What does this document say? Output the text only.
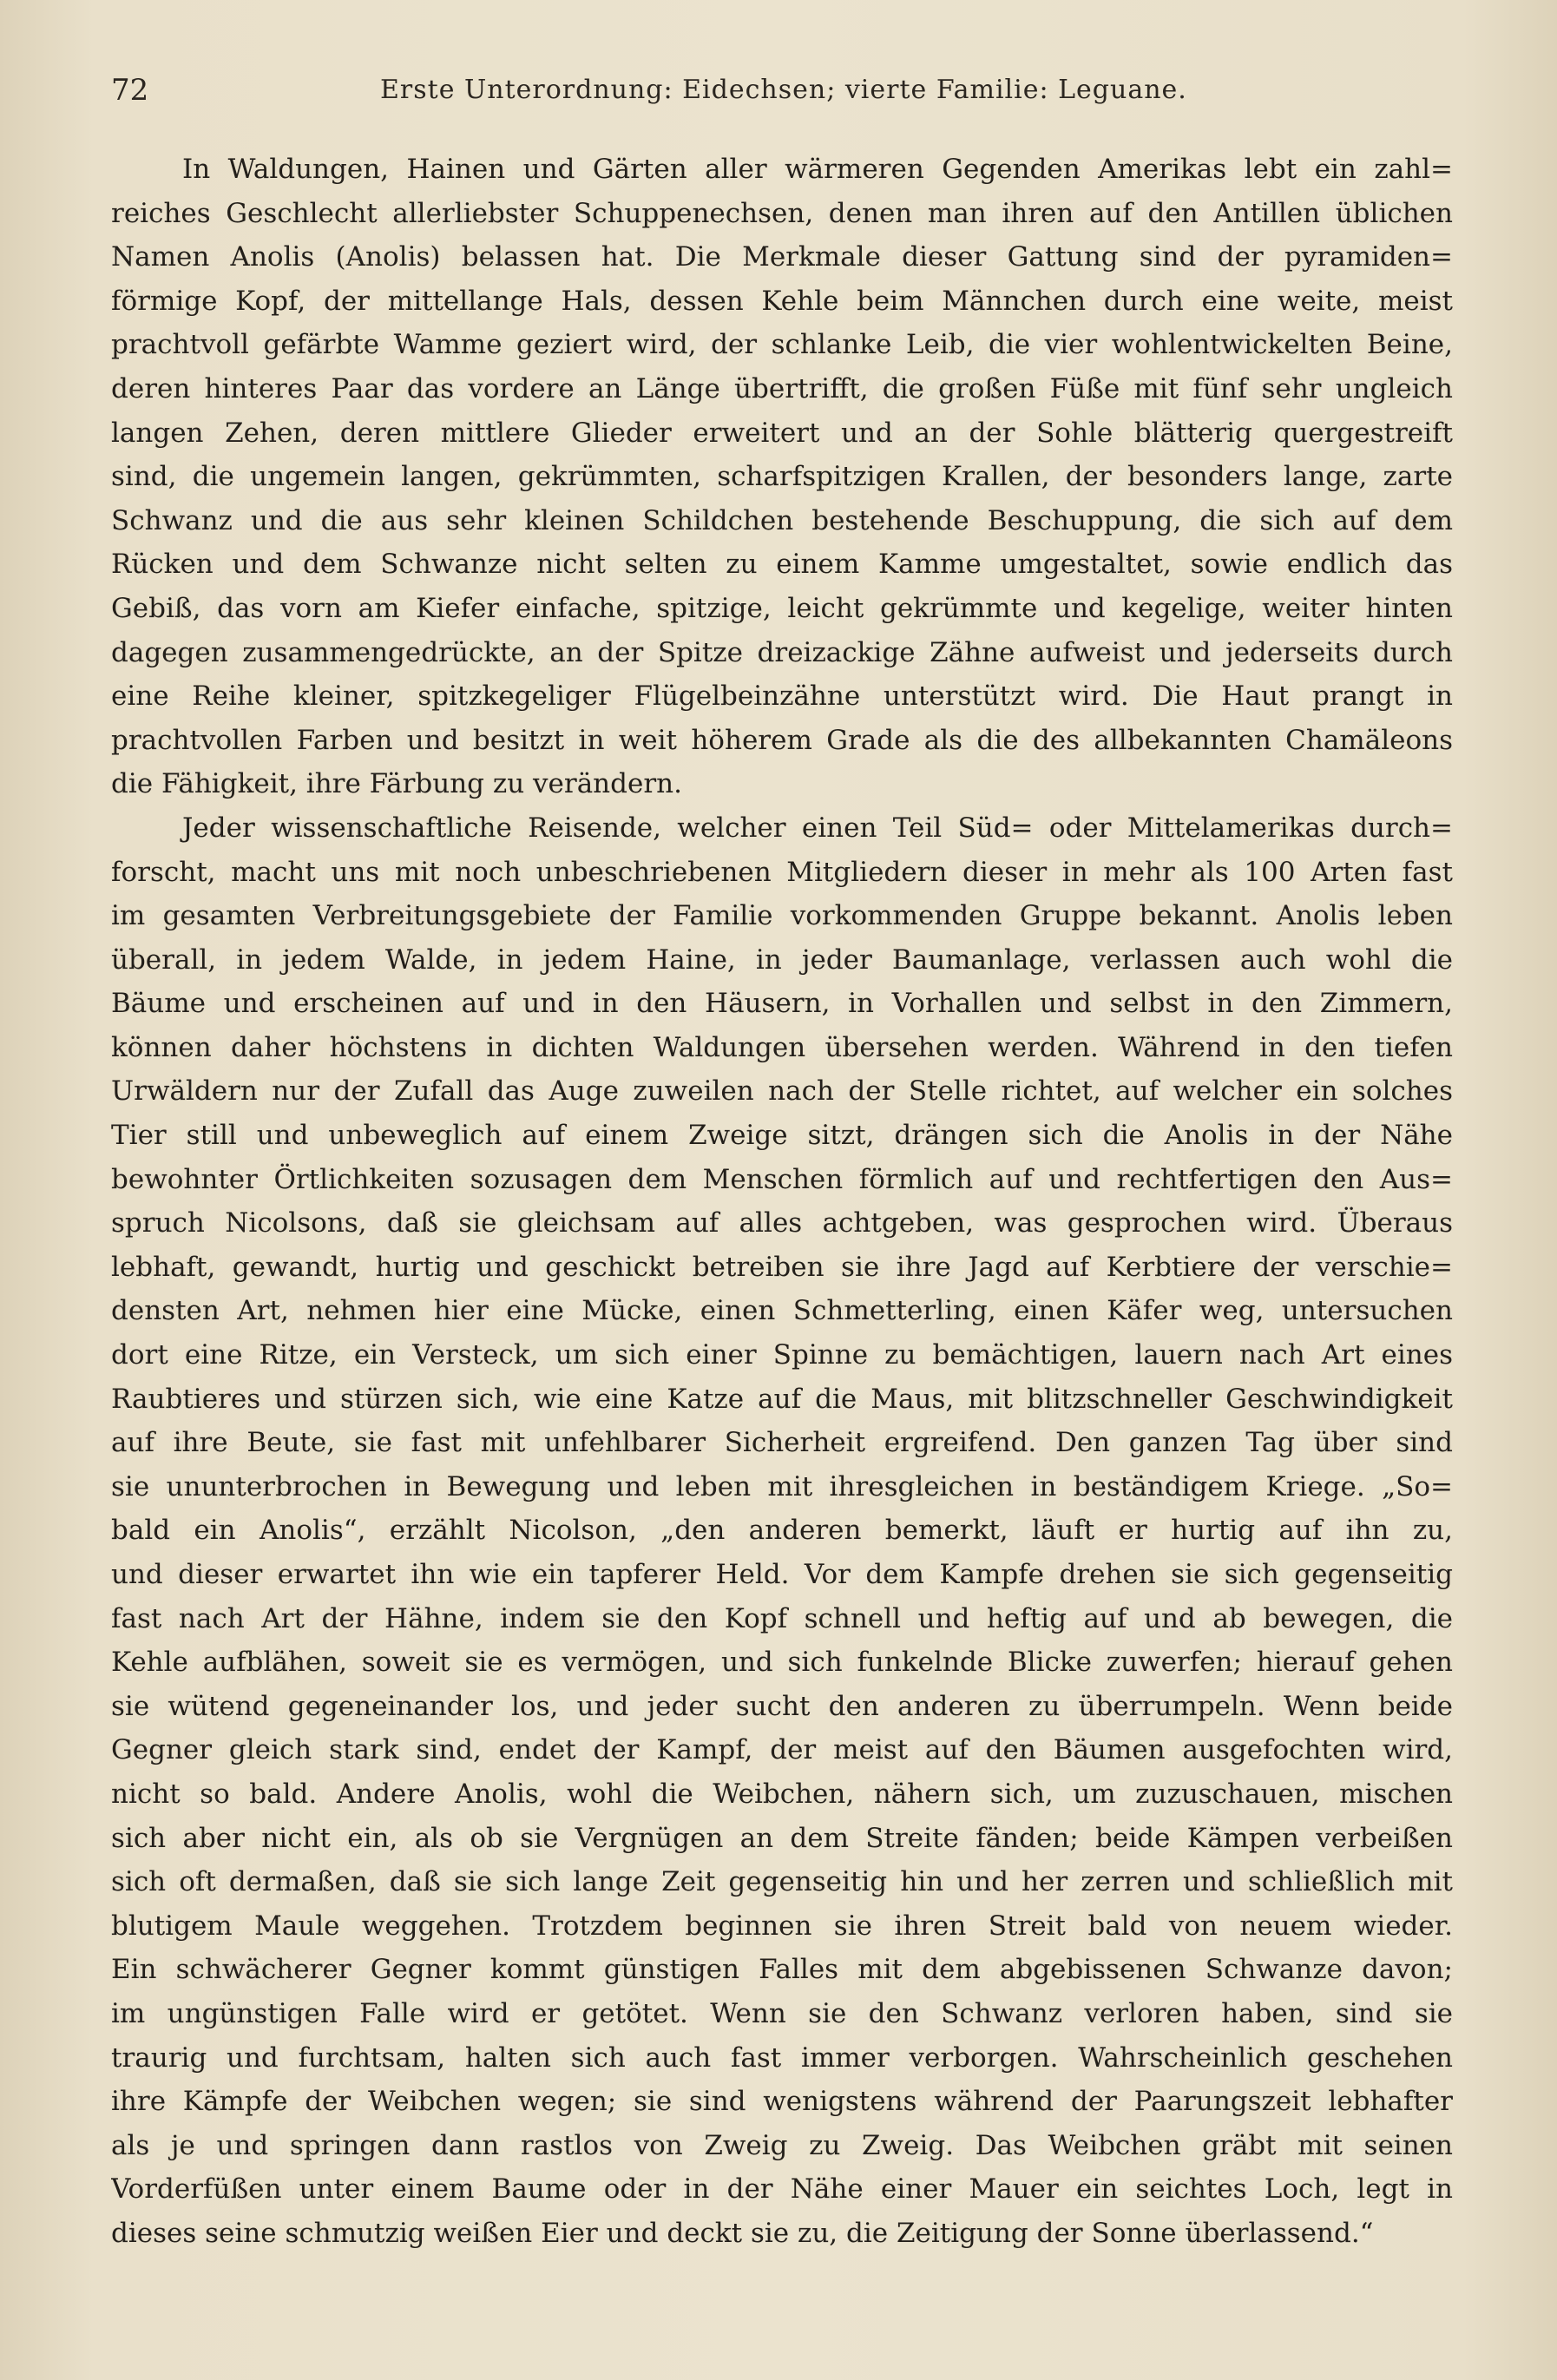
72	Erste Unterordnung: Eidechsen; vierte Familie: Leguane.
In Waldungen, Hainen und Gärten aller wärmeren Gegenden Amerikas lebt ein zahl=
reiches Geschlecht allerliebster Schuppenechsen, denen man ihren auf den Antillen üblichen
Namen Anolis (Anolis) belassen hat. Die Merkmale dieser Gattung sind der pyramiden=
förmige Kopf, der mittellange Hals, dessen Kehle beim Männchen durch eine weite, meist
prachtvoll gefärbte Wamme geziert wird, der schlanke Leib, die vier wohlentwickelten Beine,
deren hinteres Paar das vordere an Länge übertrifft, die großen Füße mit fünf sehr ungleich
langen Zehen, deren mittlere Glieder erweitert und an der Sohle blätterig quergestreift
sind, die ungemein langen, gekrümmten, scharfspitzigen Krallen, der besonders lange, zarte
Schwanz und die aus sehr kleinen Schildchen bestehende Beschuppung, die sich auf dem
Rücken und dem Schwanze nicht selten zu einem Kamme umgestaltet, sowie endlich das
Gebiß, das vorn am Kiefer einfache, spitzige, leicht gekrümmte und kegelige, weiter hinten
dagegen zusammengedrückte, an der Spitze dreizackige Zähne aufweist und jederseits durch
eine Reihe kleiner, spitzkegeliger Flügelbeinzähne unterstützt wird. Die Haut prangt in
prachtvollen Farben und besitzt in weit höherem Grade als die des allbekannten Chamäleons
die Fähigkeit, ihre Färbung zu verändern.
Jeder wissenschaftliche Reisende, welcher einen Teil Süd= oder Mittelamerikas durch=
forscht, macht uns mit noch unbeschriebenen Mitgliedern dieser in mehr als 100 Arten fast
im gesamten Verbreitungsgebiete der Familie vorkommenden Gruppe bekannt. Anolis leben
überall, in jedem Walde, in jedem Haine, in jeder Baumanlage, verlassen auch wohl die
Bäume und erscheinen auf und in den Häusern, in Vorhallen und selbst in den Zimmern,
können daher höchstens in dichten Waldungen übersehen werden. Während in den tiefen
Urwäldern nur der Zufall das Auge zuweilen nach der Stelle richtet, auf welcher ein solches
Tier still und unbeweglich auf einem Zweige sitzt, drängen sich die Anolis in der Nähe
bewohnter Örtlichkeiten sozusagen dem Menschen förmlich auf und rechtfertigen den Aus=
spruch Nicolsons, daß sie gleichsam auf alles achtgeben, was gesprochen wird. Überaus
lebhaft, gewandt, hurtig und geschickt betreiben sie ihre Jagd auf Kerbtiere der verschie=
densten Art, nehmen hier eine Mücke, einen Schmetterling, einen Käfer weg, untersuchen
dort eine Ritze, ein Versteck, um sich einer Spinne zu bemächtigen, lauern nach Art eines
Raubtieres und stürzen sich, wie eine Katze auf die Maus, mit blitzschneller Geschwindigkeit
auf ihre Beute, sie fast mit unfehlbarer Sicherheit ergreifend. Den ganzen Tag über sind
sie ununterbrochen in Bewegung und leben mit ihresgleichen in beständigem Kriege. „So=
bald ein Anolis“, erzählt Nicolson, „den anderen bemerkt, läuft er hurtig auf ihn zu,
und dieser erwartet ihn wie ein tapferer Held. Vor dem Kampfe drehen sie sich gegenseitig
fast nach Art der Hähne, indem sie den Kopf schnell und heftig auf und ab bewegen, die
Kehle aufblähen, soweit sie es vermögen, und sich funkelnde Blicke zuwerfen; hierauf gehen
sie wütend gegeneinander los, und jeder sucht den anderen zu überrumpeln. Wenn beide
Gegner gleich stark sind, endet der Kampf, der meist auf den Bäumen ausgefochten wird,
nicht so bald. Andere Anolis, wohl die Weibchen, nähern sich, um zuzuschauen, mischen
sich aber nicht ein, als ob sie Vergnügen an dem Streite fänden; beide Kämpen verbeißen
sich oft dermaßen, daß sie sich lange Zeit gegenseitig hin und her zerren und schließlich mit
blutigem Maule weggehen. Trotzdem beginnen sie ihren Streit bald von neuem wieder.
Ein schwächerer Gegner kommt günstigen Falles mit dem abgebissenen Schwanze davon;
im ungünstigen Falle wird er getötet. Wenn sie den Schwanz verloren haben, sind sie
traurig und furchtsam, halten sich auch fast immer verborgen. Wahrscheinlich geschehen
ihre Kämpfe der Weibchen wegen; sie sind wenigstens während der Paarungszeit lebhafter
als je und springen dann rastlos von Zweig zu Zweig. Das Weibchen gräbt mit seinen
Vorderfüßen unter einem Baume oder in der Nähe einer Mauer ein seichtes Loch, legt in
dieses seine schmutzig weißen Eier und deckt sie zu, die Zeitigung der Sonne überlassend.“
